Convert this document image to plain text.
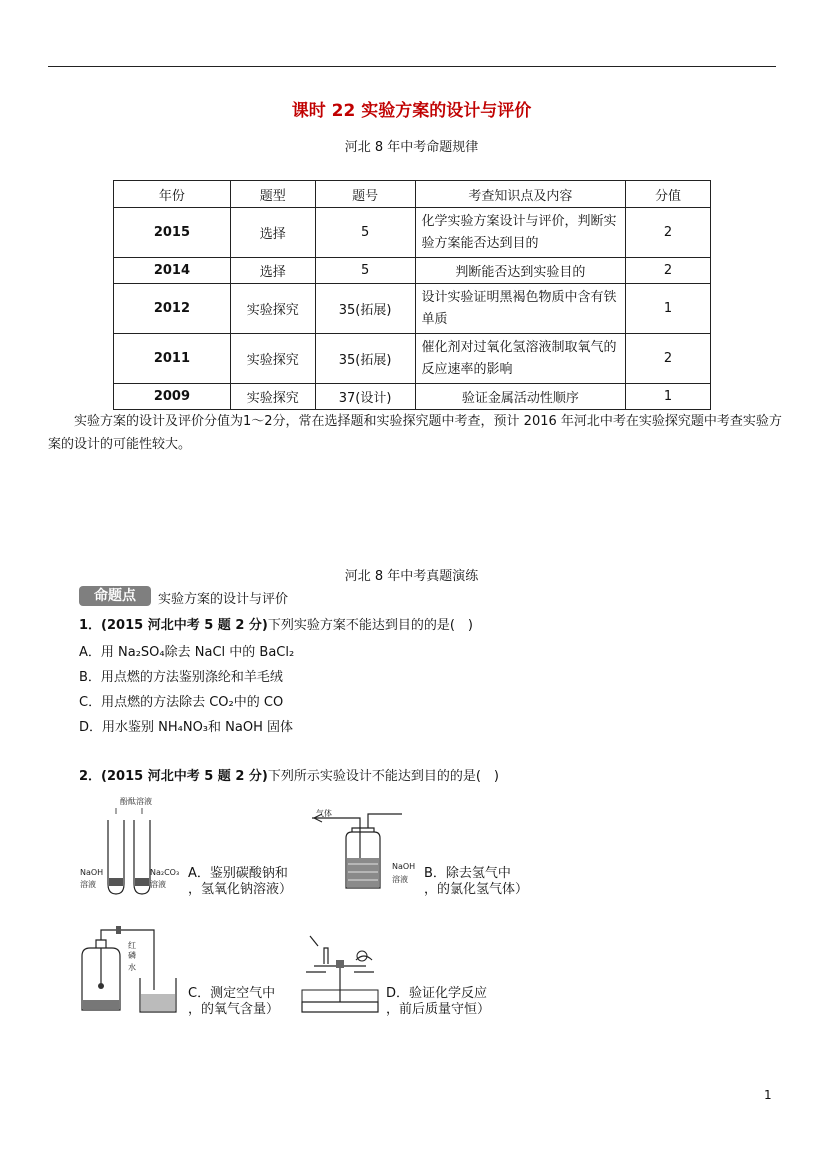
课时 22 实验方案的设计与评价
河北 8 年中考命题规律
年份	题型	题号	考查知识点及内容	分值
2015	选择	5	化学实验方案设计与评价，判断实验方案能否达到目的	2
2014	选择	5	判断能否达到实验目的	2
2012	实验探究	35(拓展)	设计实验证明黑褐色物质中含有铁单质	1
2011	实验探究	35(拓展)	催化剂对过氧化氢溶液制取氧气的反应速率的影响	2
2009	实验探究	37(设计)	验证金属活动性顺序	1
实验方案的设计及评价分值为1～2分，常在选择题和实验探究题中考查，预计 2016 年河北中考在实验探究题中考查实验方案的设计的可能性较大。
河北 8 年中考真题演练
命题点	实验方案的设计与评价
1．(2015 河北中考 5 题 2 分)下列实验方案不能达到目的的是(　)
A．用 Na₂SO₄除去 NaCl 中的 BaCl₂
B．用点燃的方法鉴别涤纶和羊毛绒
C．用点燃的方法除去 CO₂中的 CO
D．用水鉴别 NH₄NO₃和 NaOH 固体
2．(2015 河北中考 5 题 2 分)下列所示实验设计不能达到目的的是(　)
酚酞溶液
NaOH
溶液
Na₂CO₃
溶液
A．鉴别碳酸钠和
，氢氧化钠溶液）
气体
NaOH
溶液 B．除去氢气中
，的氯化氢气体）
红
磷
水
C．测定空气中
，的氧气含量）
D．验证化学反应
，前后质量守恒）
1
